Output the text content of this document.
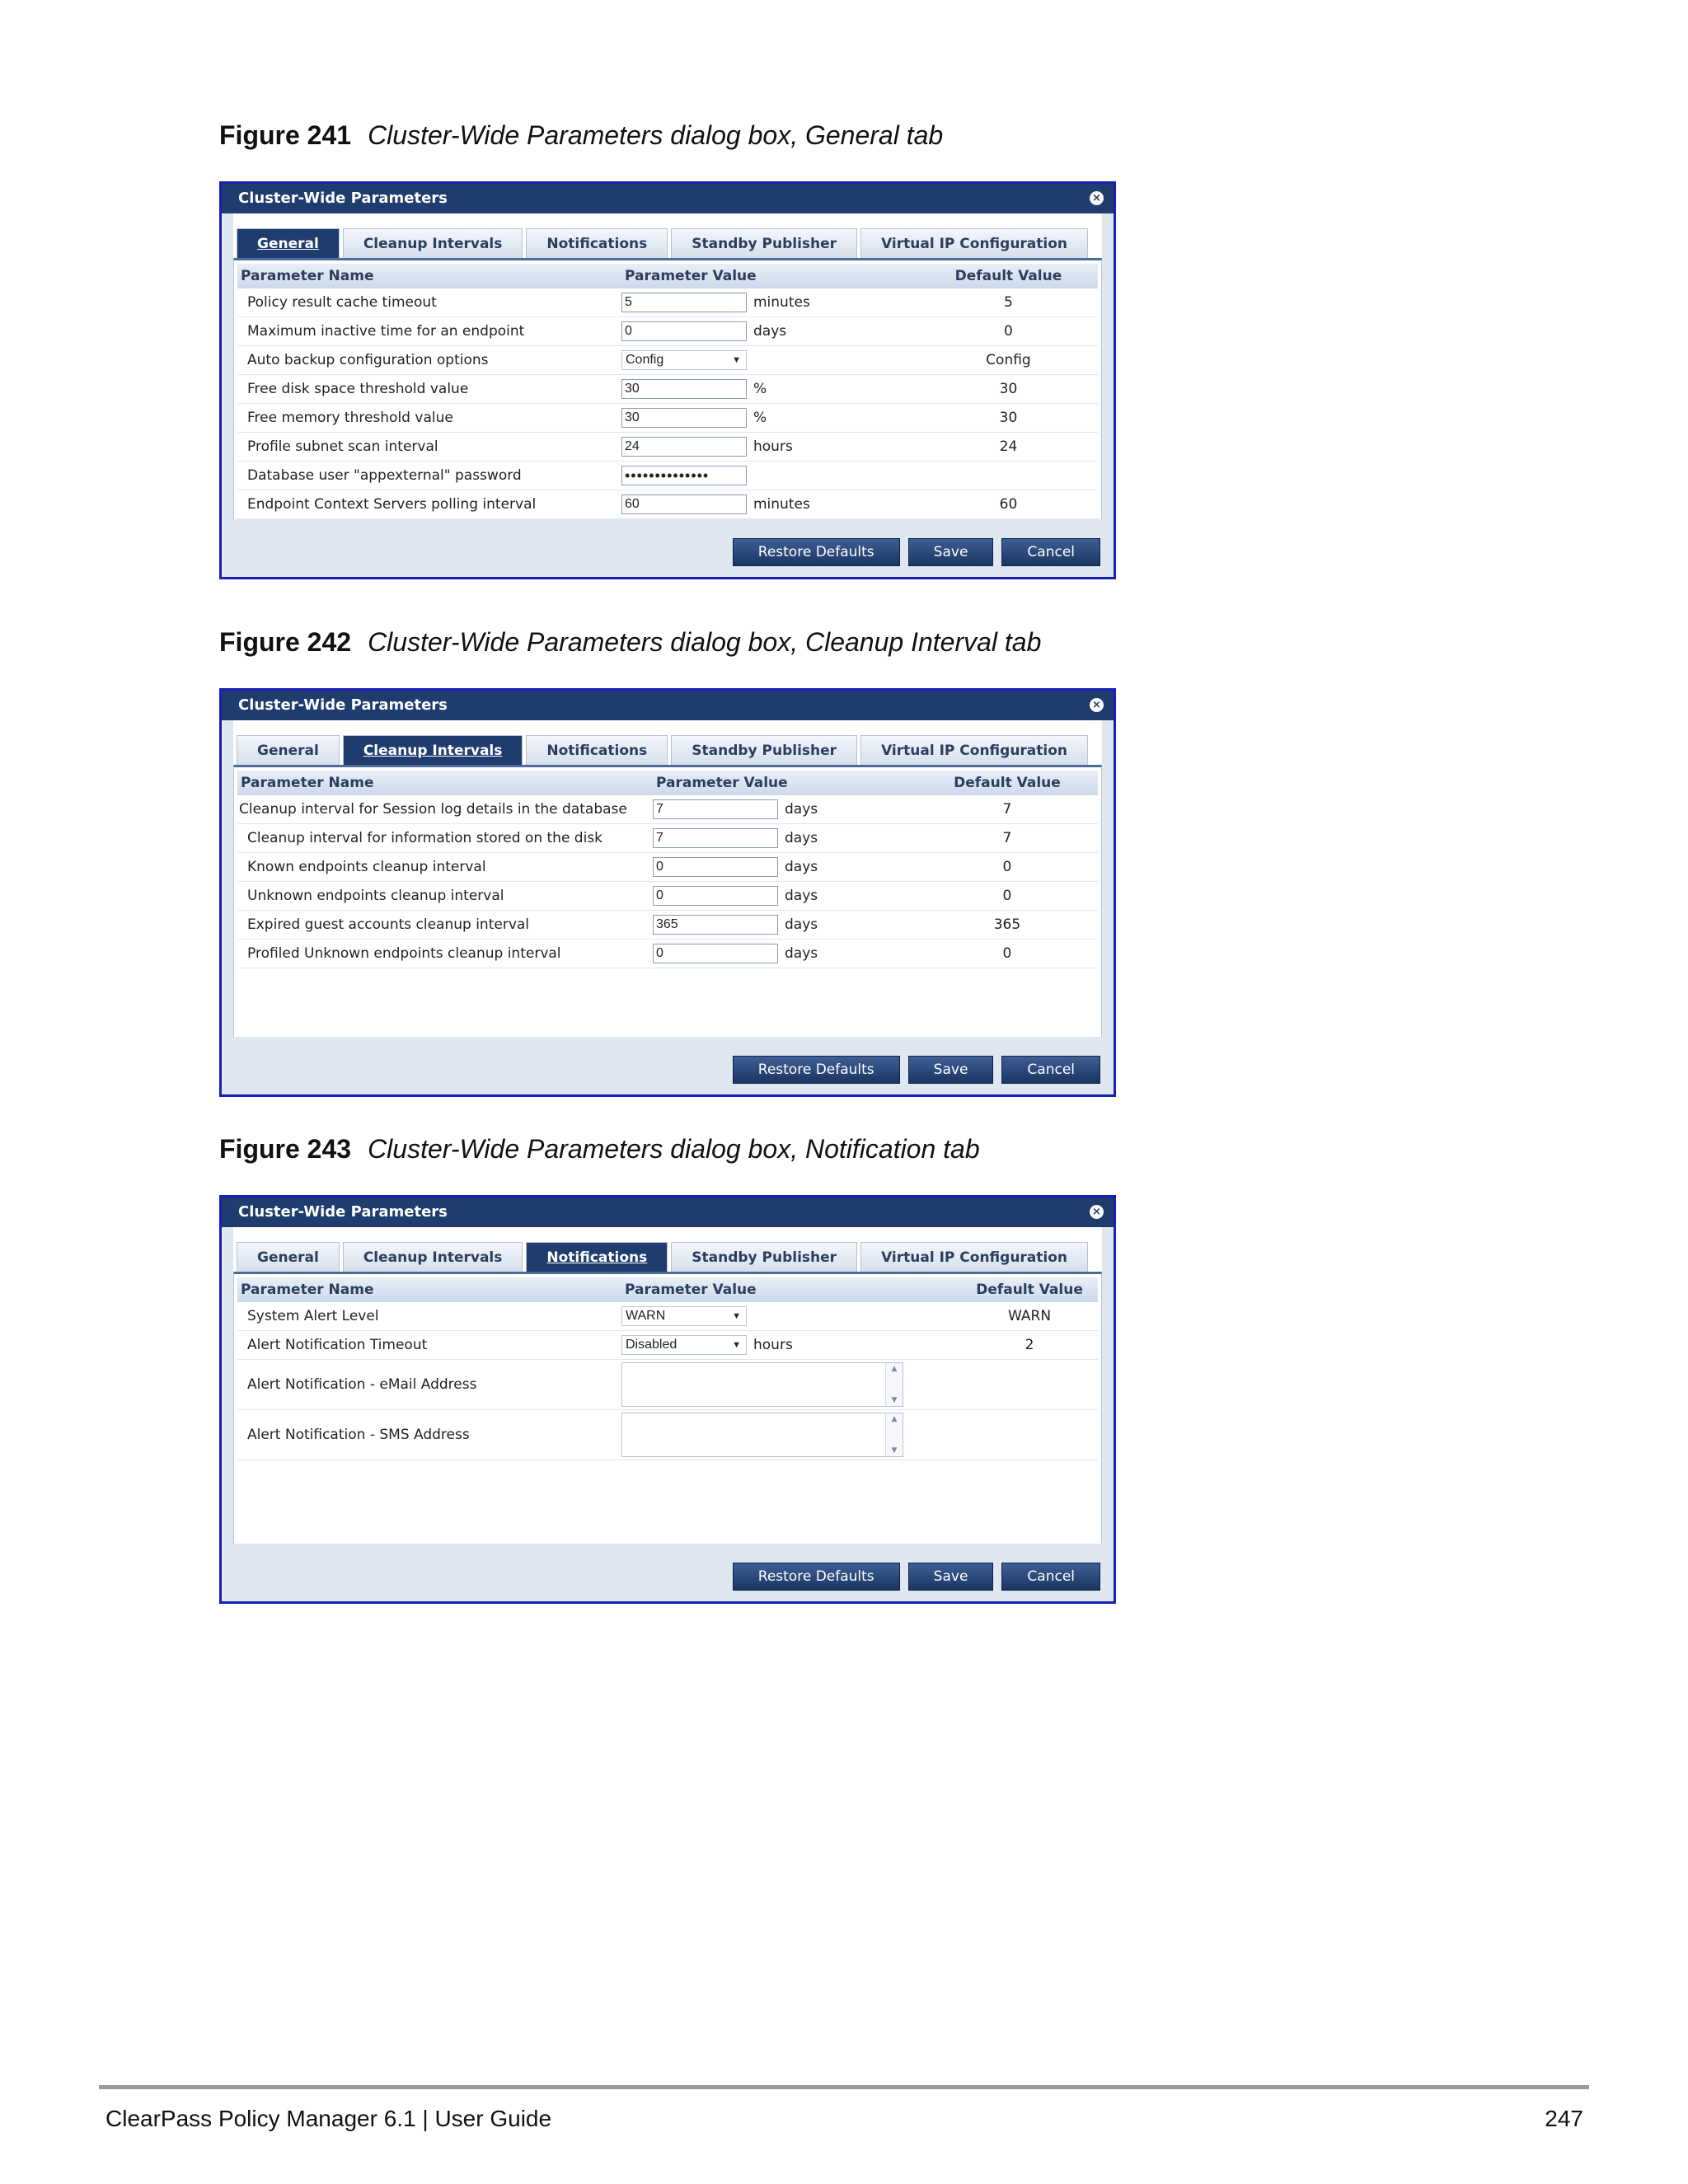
Figure 241 Cluster-Wide Parameters dialog box, General tab
Cluster-Wide Parameters	×
General	Cleanup Intervals	Notifications	Standby Publisher	Virtual IP Configuration
Parameter Name	Parameter Value	Default Value
Policy result cache timeout	5 minutes	5
Maximum inactive time for an endpoint	0 days	0
Auto backup configuration options	Config ▼	Config
Free disk space threshold value	30 %	30
Free memory threshold value	30 %	30
Profile subnet scan interval	24 hours	24
Database user "appexternal" password	••••••••••••••	

Endpoint Context Servers polling interval	60 minutes	60
Restore Defaults	Save	Cancel
Figure 242 Cluster-Wide Parameters dialog box, Cleanup Interval tab
Cluster-Wide Parameters	×
General	Cleanup Intervals	Notifications	Standby Publisher	Virtual IP Configuration
Parameter Name	Parameter Value	Default Value
Cleanup interval for Session log details in the database	7 days	7
Cleanup interval for information stored on the disk	7 days	7
Known endpoints cleanup interval	0 days	0
Unknown endpoints cleanup interval	0 days	0
Expired guest accounts cleanup interval	365 days	365
Profiled Unknown endpoints cleanup interval	0 days	0
Restore Defaults	Save	Cancel
Figure 243 Cluster-Wide Parameters dialog box, Notification tab
Cluster-Wide Parameters	×
General	Cleanup Intervals	Notifications	Standby Publisher	Virtual IP Configuration
Parameter Name	Parameter Value	Default Value
System Alert Level	WARN ▼	WARN
Alert Notification Timeout	Disabled ▼ hours	2
Alert Notification - eMail Address	▲
▼	

Alert Notification - SMS Address	▲
▼	

Restore Defaults	Save	Cancel
ClearPass Policy Manager 6.1 | User Guide	247
